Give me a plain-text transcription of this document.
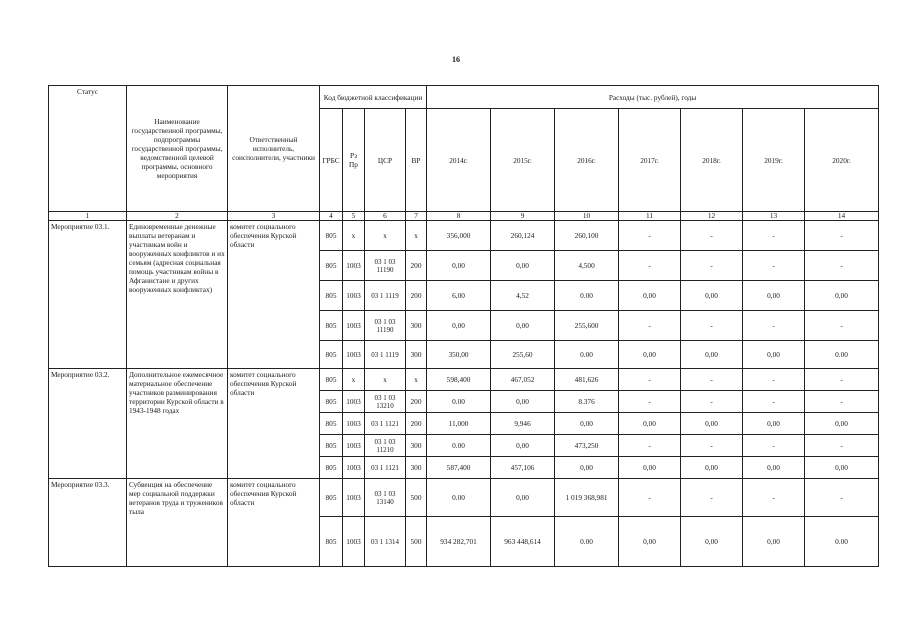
16
Статус	Наименование государственной программы, подпрограммы государственной программы, ведомственной целевой программы, основного мероприятия	Ответственный исполнитель, соисполнители, участники	Код бюджетной классификации				Расходы (тыс. рублей), годы						
			ГРБС	Рз Пр	ЦСР	ВР	2014г.	2015г.	2016г.	2017г.	2018г.	2019г.	2020г.
1	2	3	4	5	6	7	8	9	10	11	12	13	14
Мероприятие 03.1.	Единовременные денежные выплаты ветеранам и участникам войн и вооруженных конфликтов и их семьям (адресная социальная помощь участникам войны в Афганистане и других вооруженных конфликтах)	комитет социального обеспечения Курской области	805	х	х	х	356,000	260,124	260,100	-	-	-	-
			805	1003	03 1 03 11190	200	0,00	0,00	4,500	-	-	-	-
			805	1003	03 1 1119	200	6,00	4,52	0.00	0,00	0,00	0,00	0,00
			805	1003	03 1 03 11190	300	0,00	0,00	255,600	-	-	-	-
			805	1003	03 1 1119	300	350,00	255,60	0.00	0,00	0,00	0,00	0.00
Мероприятие 03.2.	Дополнительное ежемесячное материальное обеспечение участников разминирования территории Курской области в 1943-1948 годах	комитет социального обеспечения Курской области	805	х	х	х	598,400	467,052	481,626	-	-	-	-
			805	1003	03 1 03 13210	200	0.00	0,00	8.376	-	-	-	-
			805	1003	03 1 1121	200	11,000	9,946	0,00	0,00	0,00	0,00	0,00
			805	1003	03 1 03 11210	300	0.00	0,00	473,250	-	-	-	-
			805	1003	03 1 1121	300	587,400	457,106	0,00	0,00	0,00	0,00	0,00
Мероприятие 03.3.	Субвенция на обеспечение мер социальной поддержки ветеранов труда и тружеников тыла	комитет социального обеспечения Курской области	805	1003	03 1 03 13140	500	0.00	0,00	1 019 368,981	-	-	-	-
			805	1003	03 1 1314	500	934 282,701	963 448,614	0.00	0,00	0,00	0,00	0.00
